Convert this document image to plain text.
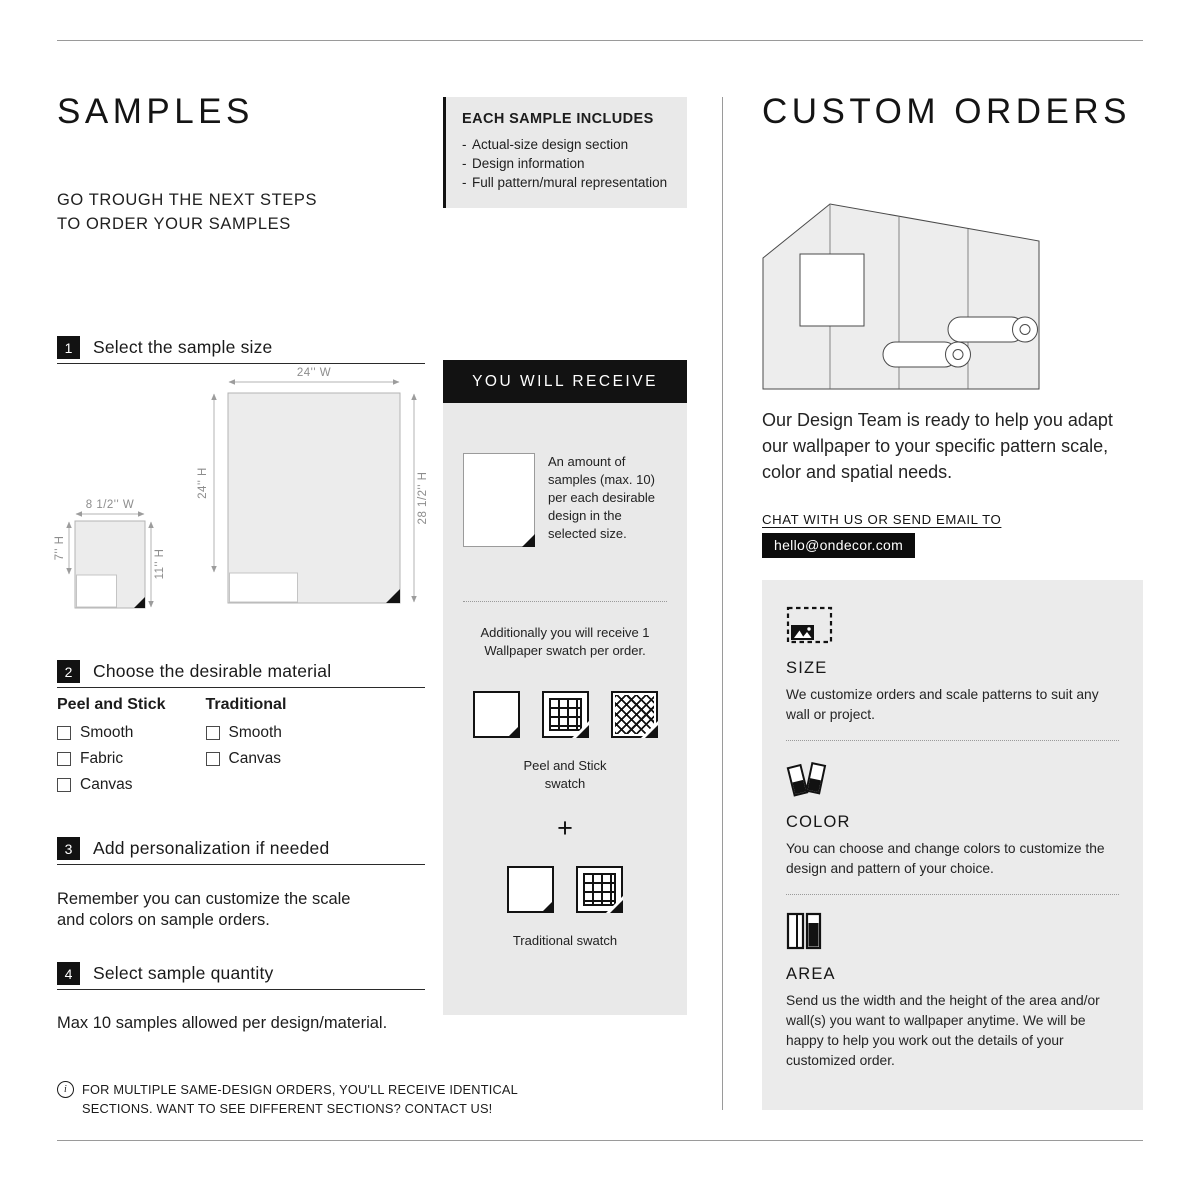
SAMPLES
GO TROUGH THE NEXT STEPS
TO ORDER YOUR SAMPLES

EACH SAMPLE INCLUDES

- Actual-size design section
- Design information
- Full pattern/mural representation
1	Select the sample size
24'' W
24'' H	28 1/2'' H
8 1/2'' W
7'' H
11'' H
2	Choose the desirable material

Peel and Stick

Smooth
Fabric
Canvas

Traditional

Smooth
Canvas
3	Add personalization if needed

Remember you can customize the scale and colors on sample orders.

4	Select sample quantity

Max 10 samples allowed per design/material.

i	FOR MULTIPLE SAME-DESIGN ORDERS, YOU'LL RECEIVE IDENTICAL
SECTIONS. WANT TO SEE DIFFERENT SECTIONS? CONTACT US!
YOU WILL RECEIVE
An amount of samples (max. 10) per each desirable design in the selected size.
Additionally you will receive 1 Wallpaper swatch per order.
Peel and Stick swatch
+
Traditional swatch
CUSTOM ORDERS

Our Design Team is ready to help you adapt our wallpaper to your specific pattern scale, color and spatial needs.

CHAT WITH US OR SEND EMAIL TO
hello@ondecor.com

SIZE

We customize orders and scale patterns to suit any wall or project.

COLOR

You can choose and change colors to customize the design and pattern of your choice.

AREA

Send us the width and the height of the area and/or wall(s) you want to wallpaper anytime. We will be happy to help you work out the details of your customized order.
